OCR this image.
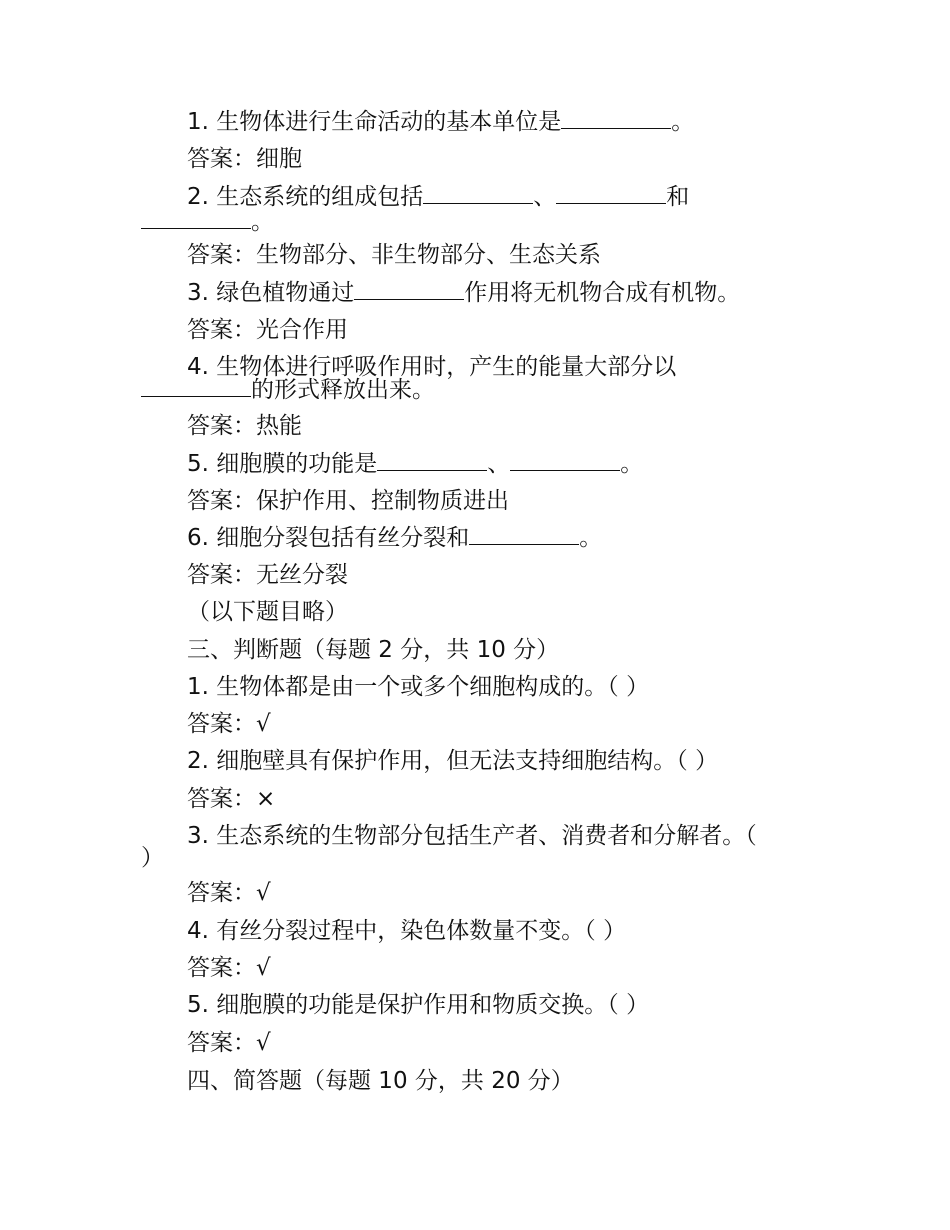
1. 生物体进行生命活动的基本单位是	。
答案：细胞
2. 生态系统的组成包括	、	和
。
答案：生物部分、非生物部分、生态关系
3. 绿色植物通过	作用将无机物合成有机物。
答案：光合作用
4. 生物体进行呼吸作用时，产生的能量大部分以
的形式释放出来。
答案：热能
5. 细胞膜的功能是	、	。
答案：保护作用、控制物质进出
6. 细胞分裂包括有丝分裂和	。
答案：无丝分裂
（以下题目略）
三、判断题（每题 2 分，共 10 分）
1. 生物体都是由一个或多个细胞构成的。（ ）
答案：√
2. 细胞壁具有保护作用，但无法支持细胞结构。（ ）
答案：×
3. 生态系统的生物部分包括生产者、消费者和分解者。（
）
答案：√
4. 有丝分裂过程中，染色体数量不变。（ ）
答案：√
5. 细胞膜的功能是保护作用和物质交换。（ ）
答案：√
四、简答题（每题 10 分，共 20 分）
